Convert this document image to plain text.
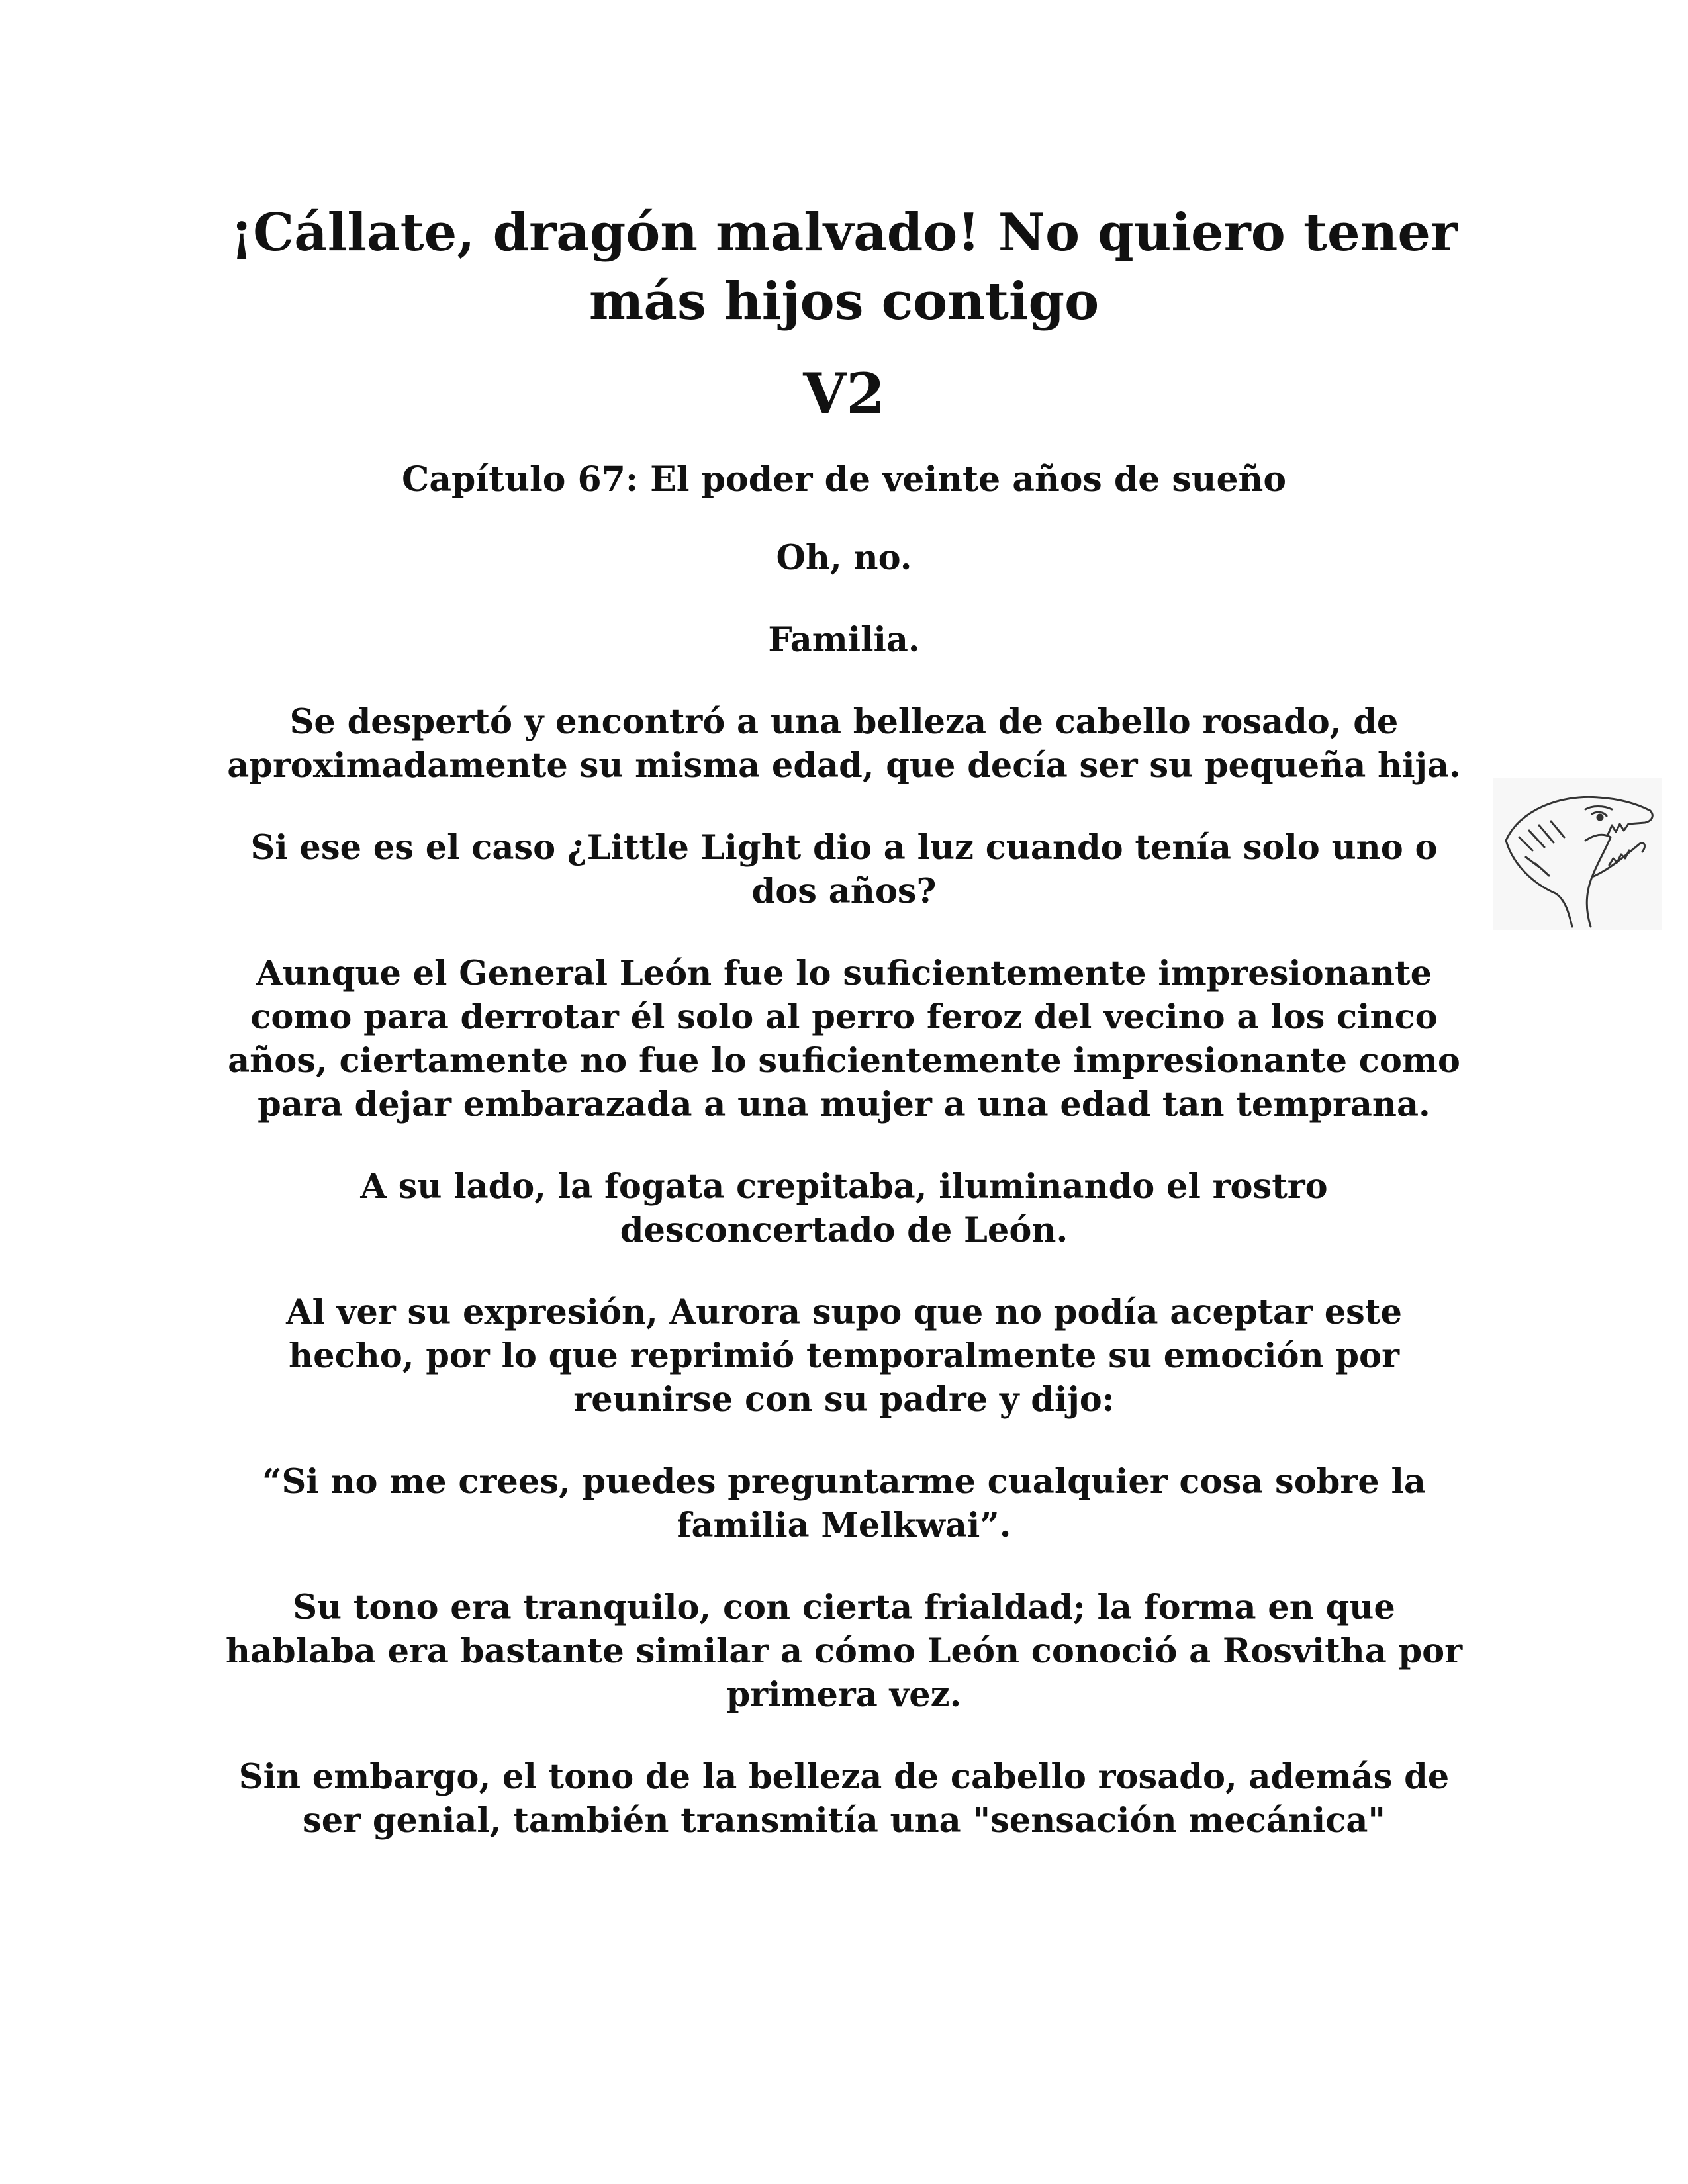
¡Cállate, dragón malvado! No quiero tener más hijos contigo
V2
Capítulo 67: El poder de veinte años de sueño

Oh, no.

Familia.

Se despertó y encontró a una belleza de cabello rosado, de aproximadamente su misma edad, que decía ser su pequeña hija.

Si ese es el caso ¿Little Light dio a luz cuando tenía solo uno o dos años?

Aunque el General León fue lo suficientemente impresionante como para derrotar él solo al perro feroz del vecino a los cinco años, ciertamente no fue lo suficientemente impresionante como para dejar embarazada a una mujer a una edad tan temprana.

A su lado, la fogata crepitaba, iluminando el rostro desconcertado de León.

Al ver su expresión, Aurora supo que no podía aceptar este hecho, por lo que reprimió temporalmente su emoción por reunirse con su padre y dijo:

“Si no me crees, puedes preguntarme cualquier cosa sobre la familia Melkwai”.

Su tono era tranquilo, con cierta frialdad; la forma en que hablaba era bastante similar a cómo León conoció a Rosvitha por primera vez.

Sin embargo, el tono de la belleza de cabello rosado, además de ser genial, también transmitía una "sensación mecánica"
